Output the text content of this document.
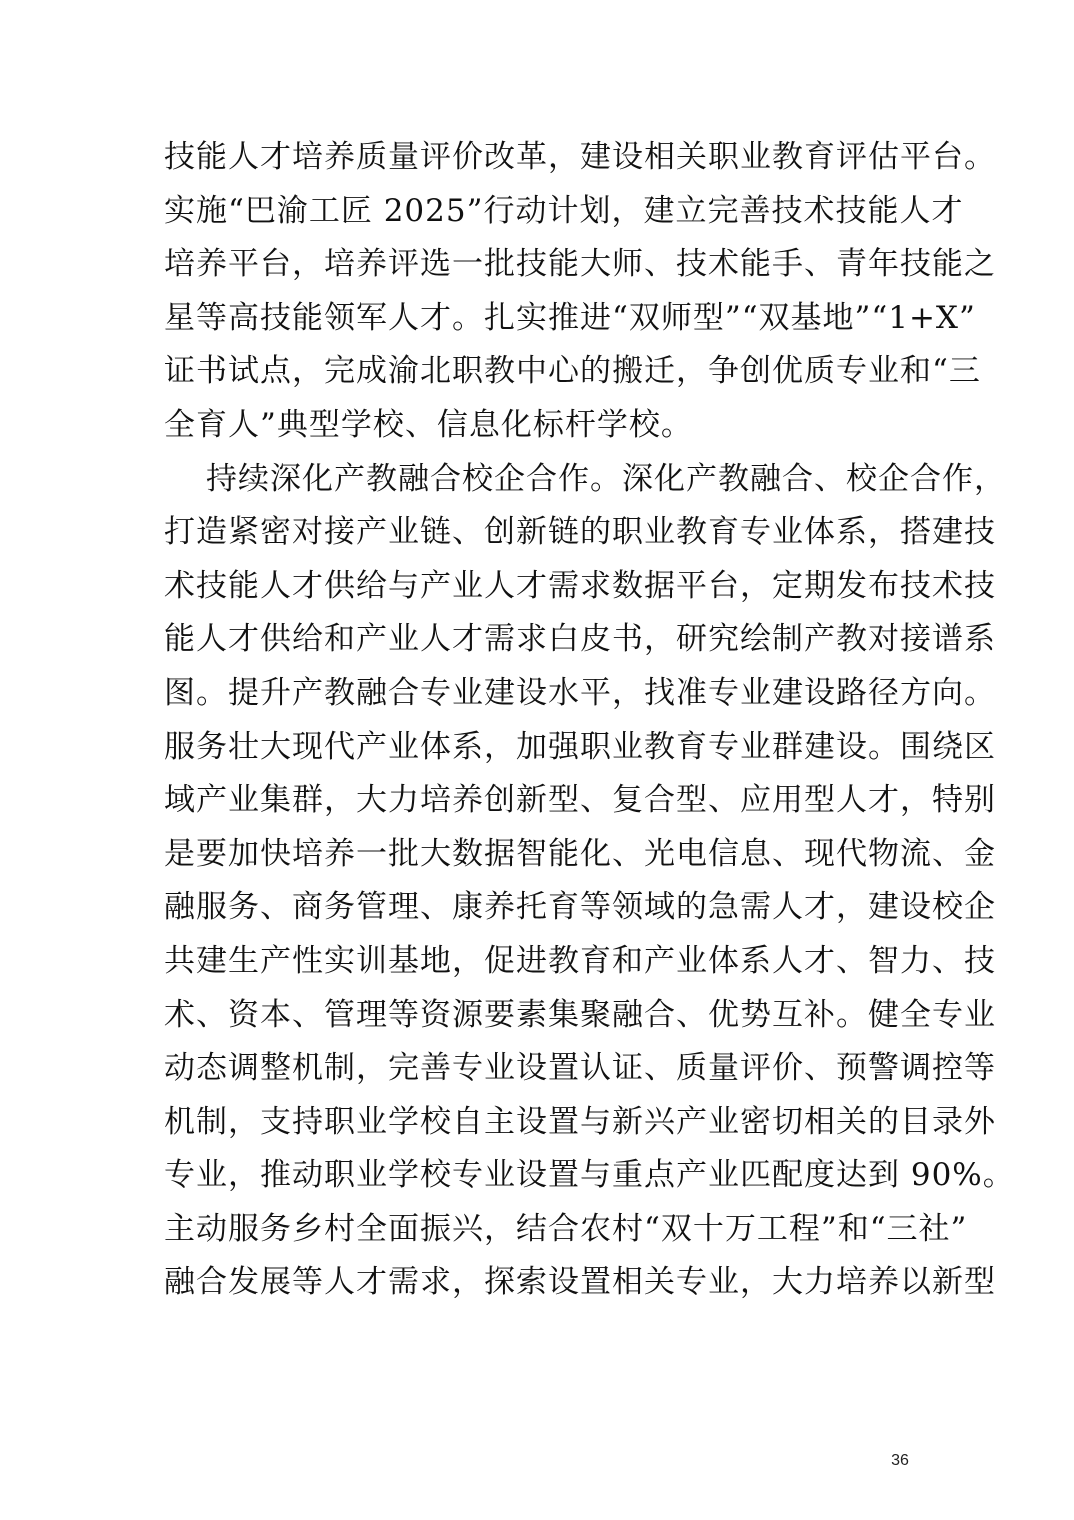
技能人才培养质量评价改革，建设相关职业教育评估平台。
实施“巴渝工匠 2025”行动计划，建立完善技术技能人才
培养平台，培养评选一批技能大师、技术能手、青年技能之
星等高技能领军人才。扎实推进“双师型”“双基地”“1+X”
证书试点，完成渝北职教中心的搬迁，争创优质专业和“三
全育人”典型学校、信息化标杆学校。
持续深化产教融合校企合作。深化产教融合、校企合作，
打造紧密对接产业链、创新链的职业教育专业体系，搭建技
术技能人才供给与产业人才需求数据平台，定期发布技术技
能人才供给和产业人才需求白皮书，研究绘制产教对接谱系
图。提升产教融合专业建设水平，找准专业建设路径方向。
服务壮大现代产业体系，加强职业教育专业群建设。围绕区
域产业集群，大力培养创新型、复合型、应用型人才，特别
是要加快培养一批大数据智能化、光电信息、现代物流、金
融服务、商务管理、康养托育等领域的急需人才，建设校企
共建生产性实训基地，促进教育和产业体系人才、智力、技
术、资本、管理等资源要素集聚融合、优势互补。健全专业
动态调整机制，完善专业设置认证、质量评价、预警调控等
机制，支持职业学校自主设置与新兴产业密切相关的目录外
专业，推动职业学校专业设置与重点产业匹配度达到 90%。
主动服务乡村全面振兴，结合农村“双十万工程”和“三社”
融合发展等人才需求，探索设置相关专业，大力培养以新型
36
